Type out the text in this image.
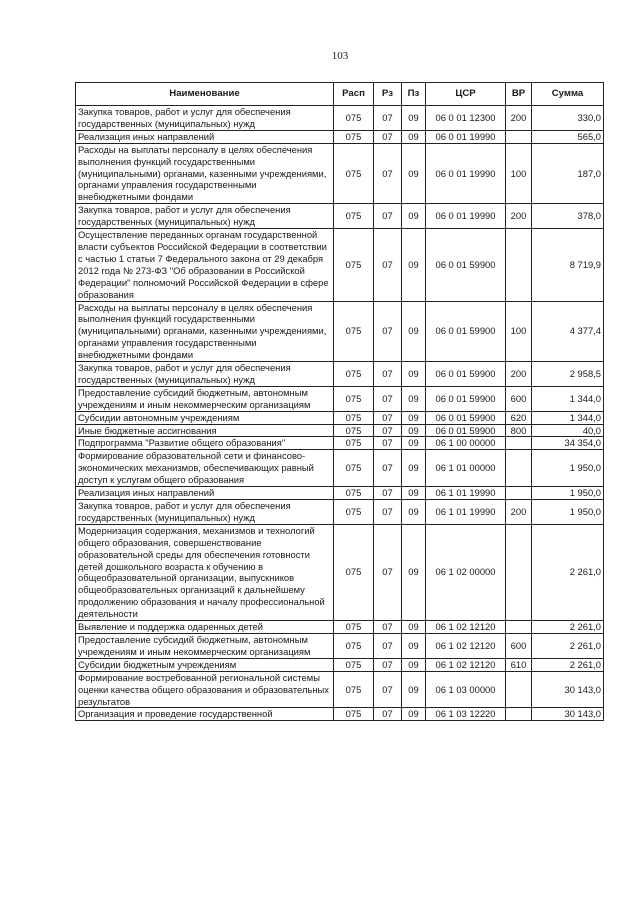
103
Наименование	Расп	Рз	Пз	ЦСР	ВР	Сумма
Закупка товаров, работ и услуг для обеспечения государственных (муниципальных) нужд	075	07	09	06 0 01 12300	200	330,0
Реализация иных направлений	075	07	09	06 0 01 19990		565,0
Расходы на выплаты персоналу в целях обеспечения выполнения функций государственными (муниципальными) органами, казенными учреждениями, органами управления государственными внебюджетными фондами	075	07	09	06 0 01 19990	100	187,0
Закупка товаров, работ и услуг для обеспечения государственных (муниципальных) нужд	075	07	09	06 0 01 19990	200	378,0
Осуществление переданных органам государственной власти субъектов Российской Федерации в соответствии с частью 1 статьи 7 Федерального закона от 29 декабря 2012 года № 273-ФЗ "Об образовании в Российской Федерации" полномочий Российской Федерации в сфере образования	075	07	09	06 0 01 59900		8 719,9
Расходы на выплаты персоналу в целях обеспечения выполнения функций государственными (муниципальными) органами, казенными учреждениями, органами управления государственными внебюджетными фондами	075	07	09	06 0 01 59900	100	4 377,4
Закупка товаров, работ и услуг для обеспечения государственных (муниципальных) нужд	075	07	09	06 0 01 59900	200	2 958,5
Предоставление субсидий бюджетным, автономным учреждениям и иным некоммерческим организациям	075	07	09	06 0 01 59900	600	1 344,0
Субсидии автономным учреждениям	075	07	09	06 0 01 59900	620	1 344,0
Иные бюджетные ассигнования	075	07	09	06 0 01 59900	800	40,0
Подпрограмма "Развитие общего образования"	075	07	09	06 1 00 00000		34 354,0
Формирование образовательной сети и финансово-экономических механизмов, обеспечивающих равный доступ к услугам общего образования	075	07	09	06 1 01 00000		1 950,0
Реализация иных направлений	075	07	09	06 1 01 19990		1 950,0
Закупка товаров, работ и услуг для обеспечения государственных (муниципальных) нужд	075	07	09	06 1 01 19990	200	1 950,0
Модернизация содержания, механизмов и технологий общего образования, совершенствование образовательной среды для обеспечения готовности детей дошкольного возраста к обучению в общеобразовательной организации, выпускников общеобразовательных организаций к дальнейшему продолжению образования и началу профессиональной деятельности	075	07	09	06 1 02 00000		2 261,0
Выявление и поддержка одаренных детей	075	07	09	06 1 02 12120		2 261,0
Предоставление субсидий бюджетным, автономным учреждениям и иным некоммерческим организациям	075	07	09	06 1 02 12120	600	2 261,0
Субсидии бюджетным учреждениям	075	07	09	06 1 02 12120	610	2 261,0
Формирование востребованной региональной системы оценки качества общего образования и образовательных результатов	075	07	09	06 1 03 00000		30 143,0
Организация и проведение государственной	075	07	09	06 1 03 12220		30 143,0
